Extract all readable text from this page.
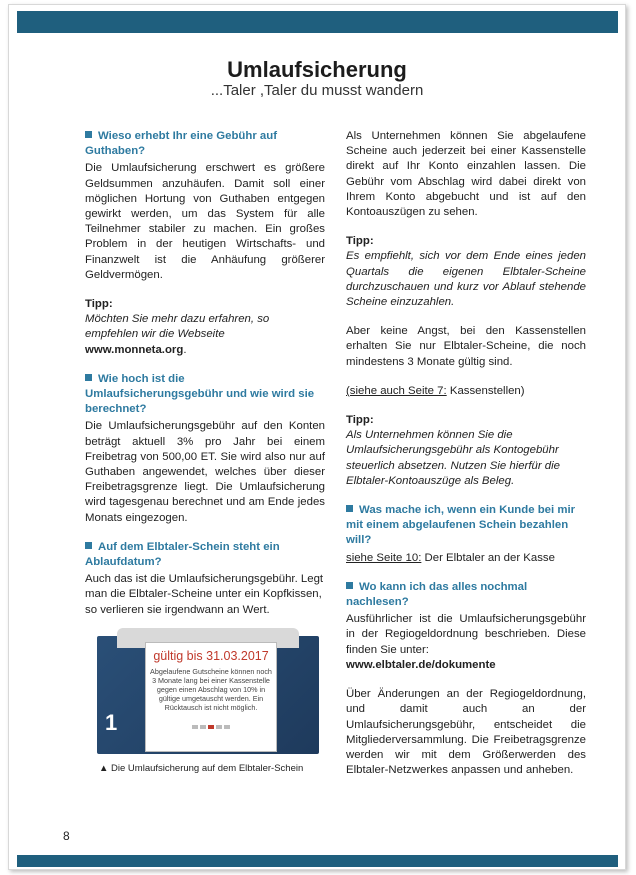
Umlaufsicherung
...Taler ,Taler du musst wandern
Wieso erhebt Ihr eine Gebühr auf Guthaben?

Die Umlaufsicherung erschwert es größere Geldsummen anzuhäufen. Damit soll einer möglichen Hortung von Guthaben entgegen gewirkt werden, um das System für alle Teilnehmer stabiler zu machen. Ein großes Problem in der heutigen Wirtschafts- und Finanzwelt ist die Anhäufung größerer Geldvermögen.

Tipp:

Möchten Sie mehr dazu erfahren, so empfehlen wir die Webseite www.monneta.org.

Wie hoch ist die Umlaufsicherungsgebühr und wie wird sie berechnet?

Die Umlaufsicherungsgebühr auf den Konten beträgt aktuell 3% pro Jahr bei einem Freibetrag von 500,00 ET. Sie wird also nur auf Guthaben angewendet, welches über dieser Freibetragsgrenze liegt. Die Umlaufsicherung wird tagesgenau berechnet und am Ende jedes Monats eingezogen.

Auf dem Elbtaler-Schein steht ein Ablaufdatum?

Auch das ist die Umlaufsicherungsgebühr. Legt man die Elbtaler-Scheine unter ein Kopfkissen, so verlieren sie irgendwann an Wert.

1
gültig bis 31.03.2017
Abgelaufene Gutscheine können noch 3 Monate lang bei einer Kassenstelle gegen einen Abschlag von 10% in gültige umgetauscht werden. Ein Rücktausch ist nicht möglich.
▲ Die Umlaufsicherung auf dem Elbtaler-Schein

Als Unternehmen können Sie abgelaufene Scheine auch jederzeit bei einer Kassenstelle direkt auf Ihr Konto einzahlen lassen. Die Gebühr vom Abschlag wird dabei direkt von Ihrem Konto abgebucht und ist auf den Kontoauszügen zu sehen.

Tipp:

Es empfiehlt, sich vor dem Ende eines jeden Quartals die eigenen Elbtaler-Scheine durchzuschauen und kurz vor Ablauf stehende Scheine einzuzahlen.

Aber keine Angst, bei den Kassenstellen erhalten Sie nur Elbtaler-Scheine, die noch mindestens 3 Monate gültig sind.

(siehe auch Seite 7: Kassenstellen)

Tipp:

Als Unternehmen können Sie die Umlaufsicherungsgebühr als Kontogebühr steuerlich absetzen. Nutzen Sie hierfür die Elbtaler-Kontoauszüge als Beleg.

Was mache ich, wenn ein Kunde bei mir mit einem abgelaufenen Schein bezahlen will?

siehe Seite 10: Der Elbtaler an der Kasse

Wo kann ich das alles nochmal nachlesen?

Ausführlicher ist die Umlaufsicherungsgebühr in der Regiogeldordnung beschrieben. Diese finden Sie unter:

www.elbtaler.de/dokumente

Über Änderungen an der Regiogeldordnung, und damit auch an der Umlaufsicherungsgebühr, entscheidet die Mitgliederversammlung. Die Freibetragsgrenze werden wir mit dem Größerwerden des Elbtaler-Netzwerkes anpassen und anheben.

8
